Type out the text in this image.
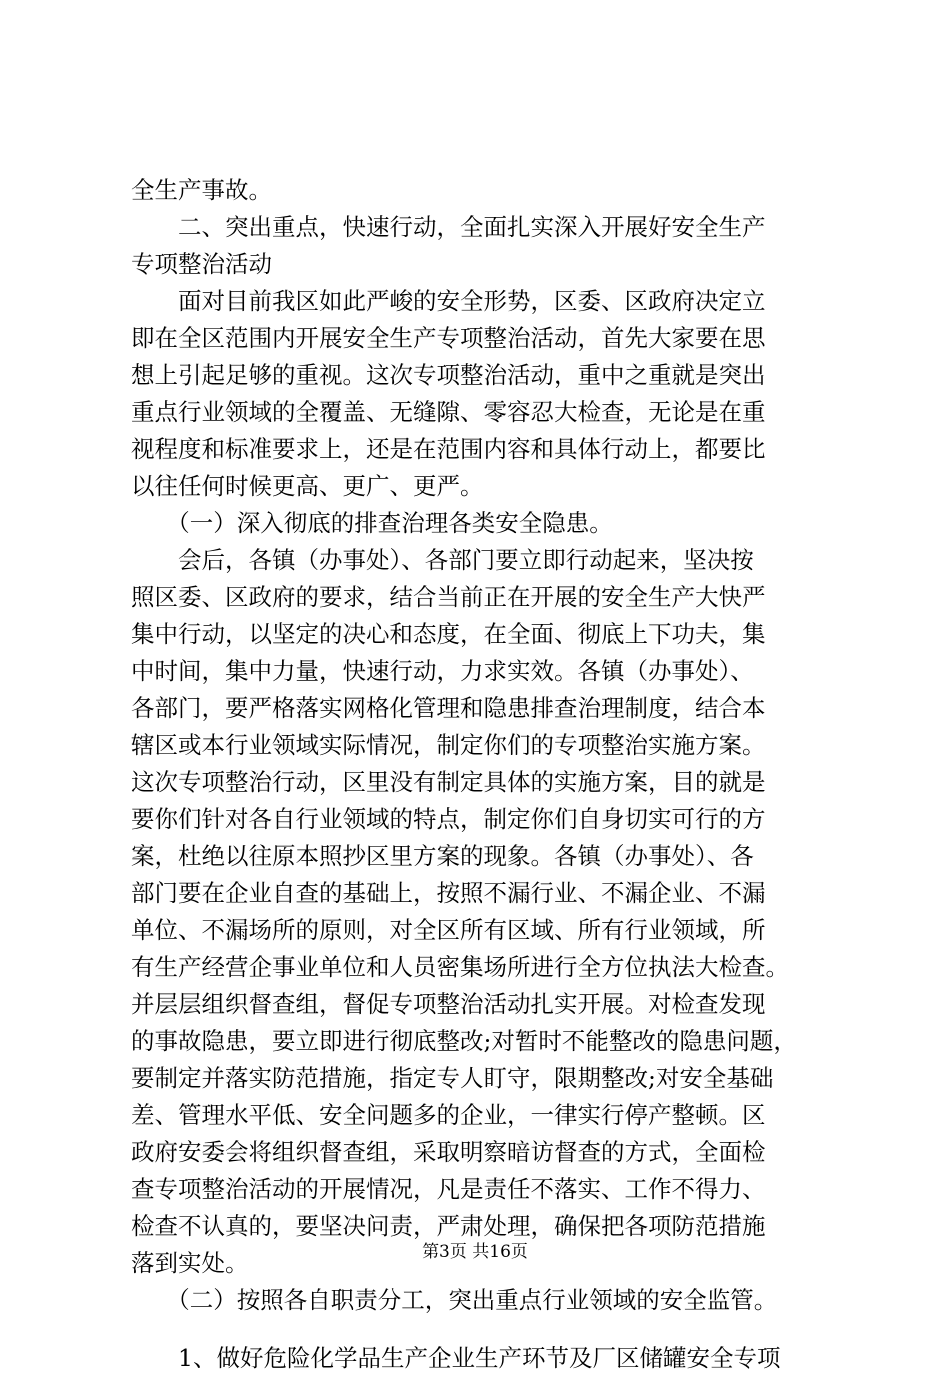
全生产事故。
　　二、突出重点，快速行动，全面扎实深入开展好安全生产
专项整治活动
　　面对目前我区如此严峻的安全形势，区委、区政府决定立
即在全区范围内开展安全生产专项整治活动，首先大家要在思
想上引起足够的重视。这次专项整治活动，重中之重就是突出
重点行业领域的全覆盖、无缝隙、零容忍大检查，无论是在重
视程度和标准要求上，还是在范围内容和具体行动上，都要比
以往任何时候更高、更广、更严。
　　（一）深入彻底的排查治理各类安全隐患。
　　会后，各镇（办事处）、各部门要立即行动起来，坚决按
照区委、区政府的要求，结合当前正在开展的安全生产大快严
集中行动，以坚定的决心和态度，在全面、彻底上下功夫，集
中时间，集中力量，快速行动，力求实效。各镇（办事处）、
各部门，要严格落实网格化管理和隐患排查治理制度，结合本
辖区或本行业领域实际情况，制定你们的专项整治实施方案。
这次专项整治行动，区里没有制定具体的实施方案，目的就是
要你们针对各自行业领域的特点，制定你们自身切实可行的方
案，杜绝以往原本照抄区里方案的现象。各镇（办事处）、各
部门要在企业自查的基础上，按照不漏行业、不漏企业、不漏
单位、不漏场所的原则，对全区所有区域、所有行业领域，所
有生产经营企事业单位和人员密集场所进行全方位执法大检查。
并层层组织督查组，督促专项整治活动扎实开展。对检查发现
的事故隐患，要立即进行彻底整改;对暂时不能整改的隐患问题，
要制定并落实防范措施，指定专人盯守，限期整改;对安全基础
差、管理水平低、安全问题多的企业，一律实行停产整顿。区
政府安委会将组织督查组，采取明察暗访督查的方式，全面检
查专项整治活动的开展情况，凡是责任不落实、工作不得力、
检查不认真的，要坚决问责，严肃处理，确保把各项防范措施
落到实处。
　　（二）按照各自职责分工，突出重点行业领域的安全监管。
　　1、做好危险化学品生产企业生产环节及厂区储罐安全专项
第3页 共16页
